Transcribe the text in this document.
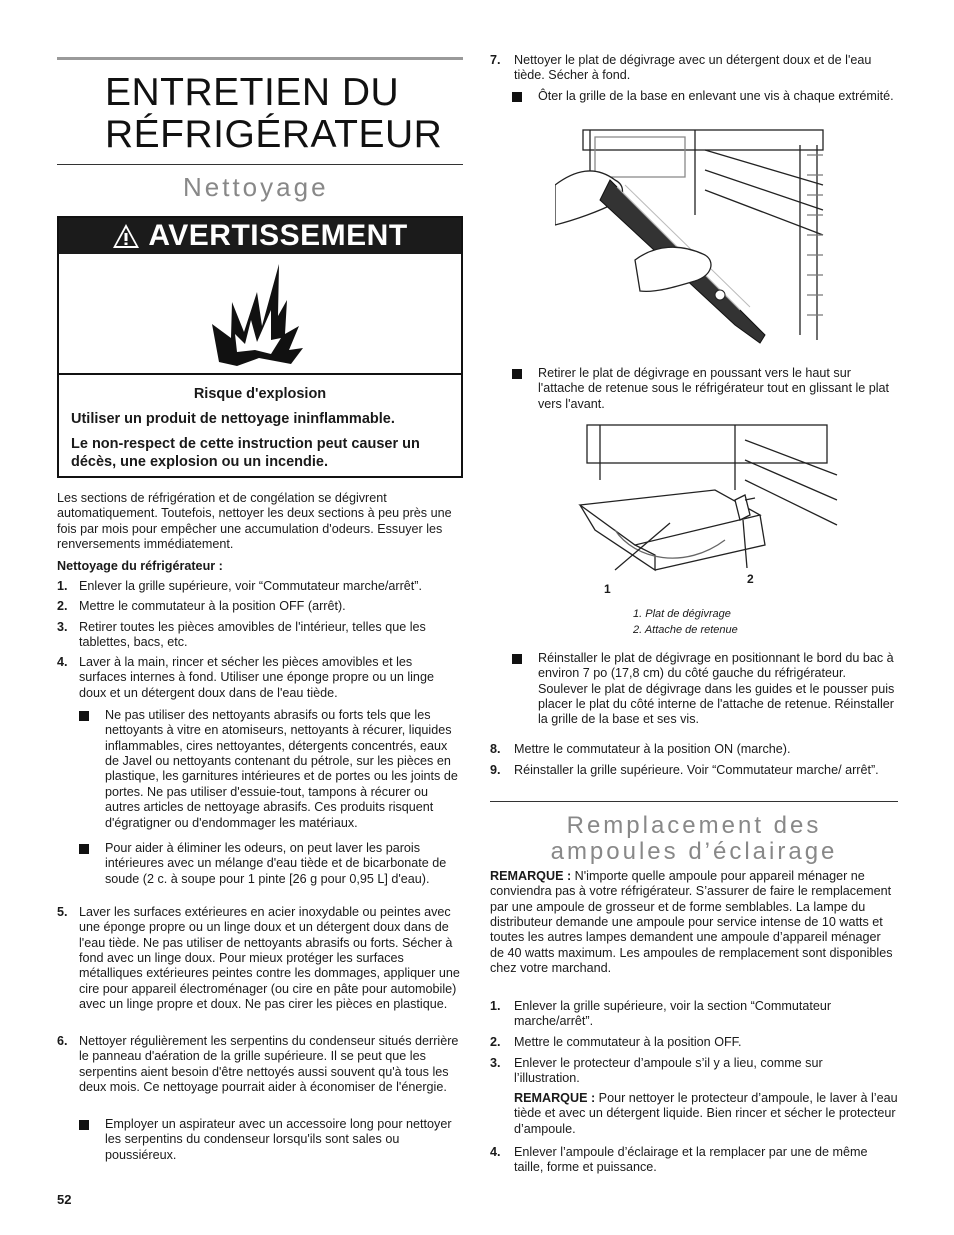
ENTRETIEN DU RÉFRIGÉRATEUR
Nettoyage
AVERTISSEMENT

Risque d'explosion

Utiliser un produit de nettoyage ininflammable.

Le non-respect de cette instruction peut causer un décès, une explosion ou un incendie.

Les sections de réfrigération et de congélation se dégivrent automatiquement. Toutefois, nettoyer les deux sections à peu près une fois par mois pour empêcher une accumulation d'odeurs. Essuyer les renversements immédiatement.

Nettoyage du réfrigérateur :

1. Enlever la grille supérieure, voir “Commutateur marche/arrêt”.
2. Mettre le commutateur à la position OFF (arrêt).
3. Retirer toutes les pièces amovibles de l'intérieur, telles que les tablettes, bacs, etc.
4. Laver à la main, rincer et sécher les pièces amovibles et les surfaces internes à fond. Utiliser une éponge propre ou un linge doux et un détergent doux dans de l'eau tiède.
Ne pas utiliser des nettoyants abrasifs ou forts tels que les nettoyants à vitre en atomiseurs, nettoyants à récurer, liquides inflammables, cires nettoyantes, détergents concentrés, eaux de Javel ou nettoyants contenant du pétrole, sur les pièces en plastique, les garnitures intérieures et de portes ou les joints de portes. Ne pas utiliser d'essuie-tout, tampons à récurer ou autres articles de nettoyage abrasifs. Ces produits risquent d'égratigner ou d'endommager les matériaux.
Pour aider à éliminer les odeurs, on peut laver les parois intérieures avec un mélange d'eau tiède et de bicarbonate de soude (2 c. à soupe pour 1 pinte [26 g pour 0,95 L] d'eau).
5. Laver les surfaces extérieures en acier inoxydable ou peintes avec une éponge propre ou un linge doux et un détergent doux dans de l'eau tiède. Ne pas utiliser de nettoyants abrasifs ou forts. Sécher à fond avec un linge doux. Pour mieux protéger les surfaces métalliques extérieures peintes contre les dommages, appliquer une cire pour appareil électroménager (ou cire en pâte pour automobile) avec un linge propre et doux. Ne pas cirer les pièces en plastique.
6. Nettoyer régulièrement les serpentins du condenseur situés derrière le panneau d'aération de la grille supérieure. Il se peut que les serpentins aient besoin d'être nettoyés aussi souvent qu'à tous les deux mois. Ce nettoyage pourrait aider à économiser de l'énergie.
Employer un aspirateur avec un accessoire long pour nettoyer les serpentins du condenseur lorsqu'ils sont sales ou poussiéreux.
52
7.	Nettoyer le plat de dégivrage avec un détergent doux et de l'eau tiède. Sécher à fond.
Ôter la grille de la base en enlevant une vis à chaque extrémité.
Retirer le plat de dégivrage en poussant vers le haut sur l'attache de retenue sous le réfrigérateur tout en glissant le plat vers l'avant.
1
2
1. Plat de dégivrage
2. Attache de retenue
Réinstaller le plat de dégivrage en positionnant le bord du bac à environ 7 po (17,8 cm) du côté gauche du réfrigérateur. Soulever le plat de dégivrage dans les guides et le pousser puis placer le plat du côté interne de l'attache de retenue. Réinstaller la grille de la base et ses vis.
8.	Mettre le commutateur à la position ON (marche).
9.	Réinstaller la grille supérieure. Voir “Commutateur marche/ arrêt”.
Remplacement des ampoules d’éclairage

REMARQUE : N'importe quelle ampoule pour appareil ménager ne conviendra pas à votre réfrigérateur. S’assurer de faire le remplacement par une ampoule de grosseur et de forme semblables. La lampe du distributeur demande une ampoule pour service intense de 10 watts et toutes les autres lampes demandent une ampoule d’appareil ménager de 40 watts maximum. Les ampoules de remplacement sont disponibles chez votre marchand.

1.	Enlever la grille supérieure, voir la section “Commutateur marche/arrêt”.
2.	Mettre le commutateur à la position OFF.
3.	Enlever le protecteur d’ampoule s’il y a lieu, comme sur l’illustration.

REMARQUE : Pour nettoyer le protecteur d’ampoule, le laver à l’eau tiède et avec un détergent liquide. Bien rincer et sécher le protecteur d’ampoule.

4.	Enlever l’ampoule d’éclairage et la remplacer par une de même taille, forme et puissance.
